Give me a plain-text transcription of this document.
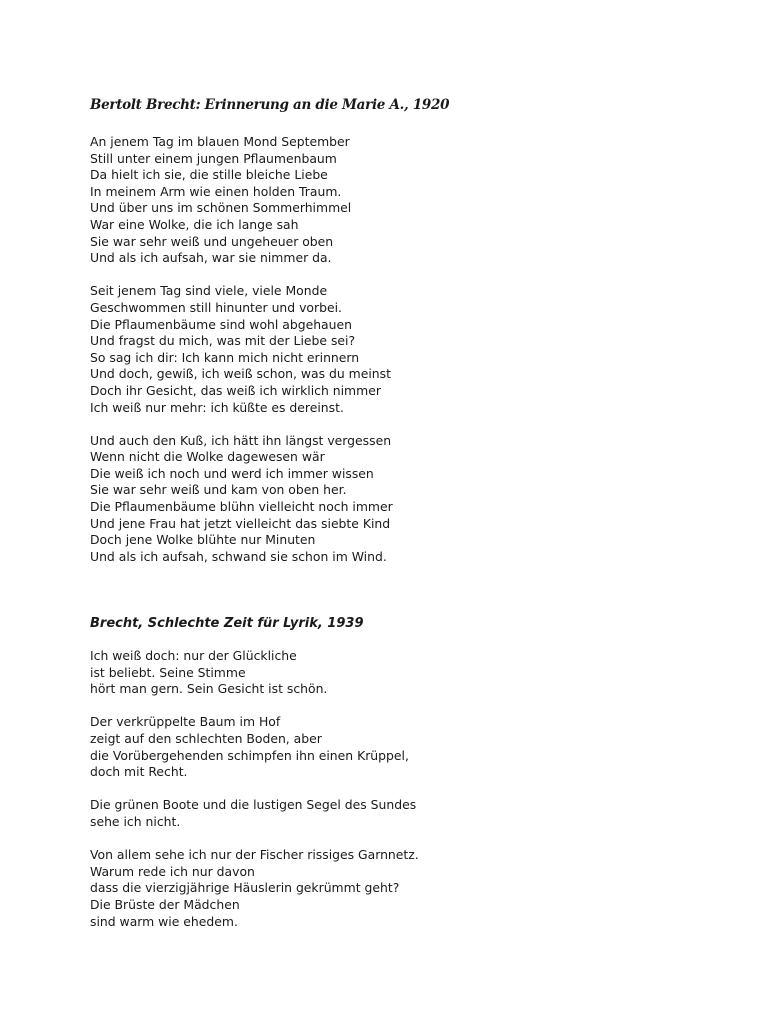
Bertolt Brecht: Erinnerung an die Marie A., 1920

An jenem Tag im blauen Mond September
Still unter einem jungen Pflaumenbaum
Da hielt ich sie, die stille bleiche Liebe
In meinem Arm wie einen holden Traum.
Und über uns im schönen Sommerhimmel
War eine Wolke, die ich lange sah
Sie war sehr weiß und ungeheuer oben
Und als ich aufsah, war sie nimmer da.

Seit jenem Tag sind viele, viele Monde
Geschwommen still hinunter und vorbei.
Die Pflaumenbäume sind wohl abgehauen
Und fragst du mich, was mit der Liebe sei?
So sag ich dir: Ich kann mich nicht erinnern
Und doch, gewiß, ich weiß schon, was du meinst
Doch ihr Gesicht, das weiß ich wirklich nimmer
Ich weiß nur mehr: ich küßte es dereinst.

Und auch den Kuß, ich hätt ihn längst vergessen
Wenn nicht die Wolke dagewesen wär
Die weiß ich noch und werd ich immer wissen
Sie war sehr weiß und kam von oben her.
Die Pflaumenbäume blühn vielleicht noch immer
Und jene Frau hat jetzt vielleicht das siebte Kind
Doch jene Wolke blühte nur Minuten
Und als ich aufsah, schwand sie schon im Wind.

Brecht, Schlechte Zeit für Lyrik, 1939

Ich weiß doch: nur der Glückliche
ist beliebt. Seine Stimme
hört man gern. Sein Gesicht ist schön.

Der verkrüppelte Baum im Hof
zeigt auf den schlechten Boden, aber
die Vorübergehenden schimpfen ihn einen Krüppel,
doch mit Recht.

Die grünen Boote und die lustigen Segel des Sundes
sehe ich nicht.

Von allem sehe ich nur der Fischer rissiges Garnnetz.
Warum rede ich nur davon
dass die vierzigjährige Häuslerin gekrümmt geht?
Die Brüste der Mädchen
sind warm wie ehedem.
